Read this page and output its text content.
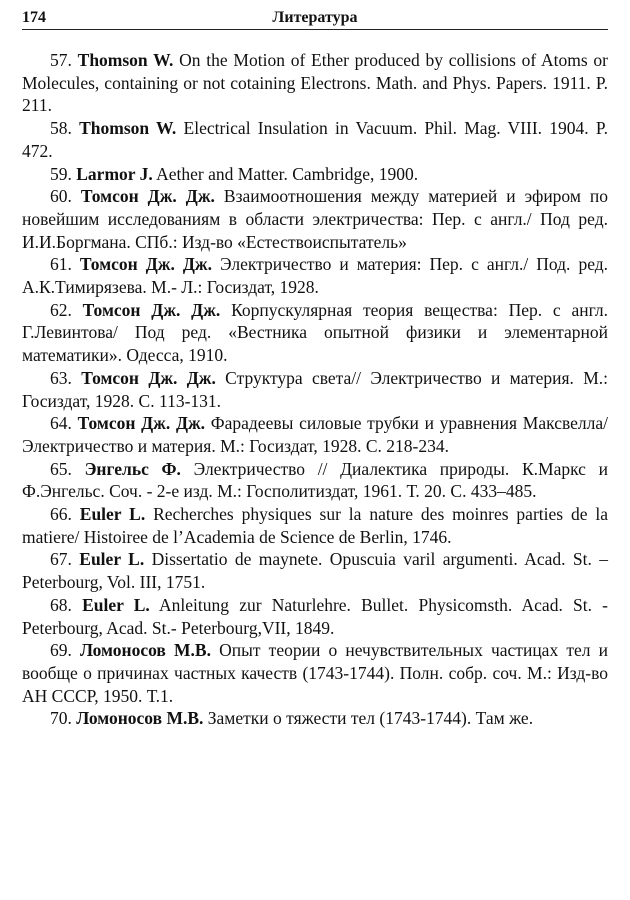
174	Литература
57. Thomson W. On the Motion of Ether produced by collisions of Atoms or Molecules, containing or not cotaining Electrons. Math. and Phys. Papers. 1911. P. 211.
58. Thomson W. Electrical Insulation in Vacuum. Phil. Mag. VIII. 1904. P. 472.
59. Larmor J. Aether and Matter. Cambridge, 1900.
60. Томсон Дж. Дж. Взаимоотношения между материей и эфиром по новейшим исследованиям в области электричества: Пер. с англ./ Под ред. И.И.Боргмана. СПб.: Изд-во «Естествоиспытатель»
61. Томсон Дж. Дж. Электричество и материя: Пер. с англ./ Под. ред. А.К.Тимирязева. М.- Л.: Госиздат, 1928.
62. Томсон Дж. Дж. Корпускулярная теория вещества: Пер. с англ. Г.Левинтова/ Под ред. «Вестника опытной физики и элементарной математики». Одесса, 1910.
63. Томсон Дж. Дж. Структура света// Электричество и материя. М.: Госиздат, 1928. С. 113-131.
64. Томсон Дж. Дж. Фарадеевы силовые трубки и уравнения Максвелла/ Электричество и материя. М.: Госиздат, 1928. С. 218-234.
65. Энгельс Ф. Электричество // Диалектика природы. К.Маркс и Ф.Энгельс. Соч. - 2-е изд. М.: Госполитиздат, 1961. Т. 20. С. 433–485.
66. Euler L. Recherches physiques sur la nature des moinres parties de la matiere/ Histoiree de l’Academia de Science de Berlin, 1746.
67. Euler L. Dissertatio de maynete. Opuscuia varil argumenti. Acad. St. – Peterbourg, Vol. III, 1751.
68. Euler L. Anleitung zur Naturlehre. Bullet. Physicomsth. Acad. St. - Peterbourg, Acad. St.- Peterbourg,VII, 1849.
69. Ломоносов М.В. Опыт теории о нечувствительных частицах тел и вообще о причинах частных качеств (1743-1744). Полн. собр. соч. М.: Изд-во АН СССР, 1950. Т.1.
70. Ломоносов М.В. Заметки о тяжести тел (1743-1744). Там же.
